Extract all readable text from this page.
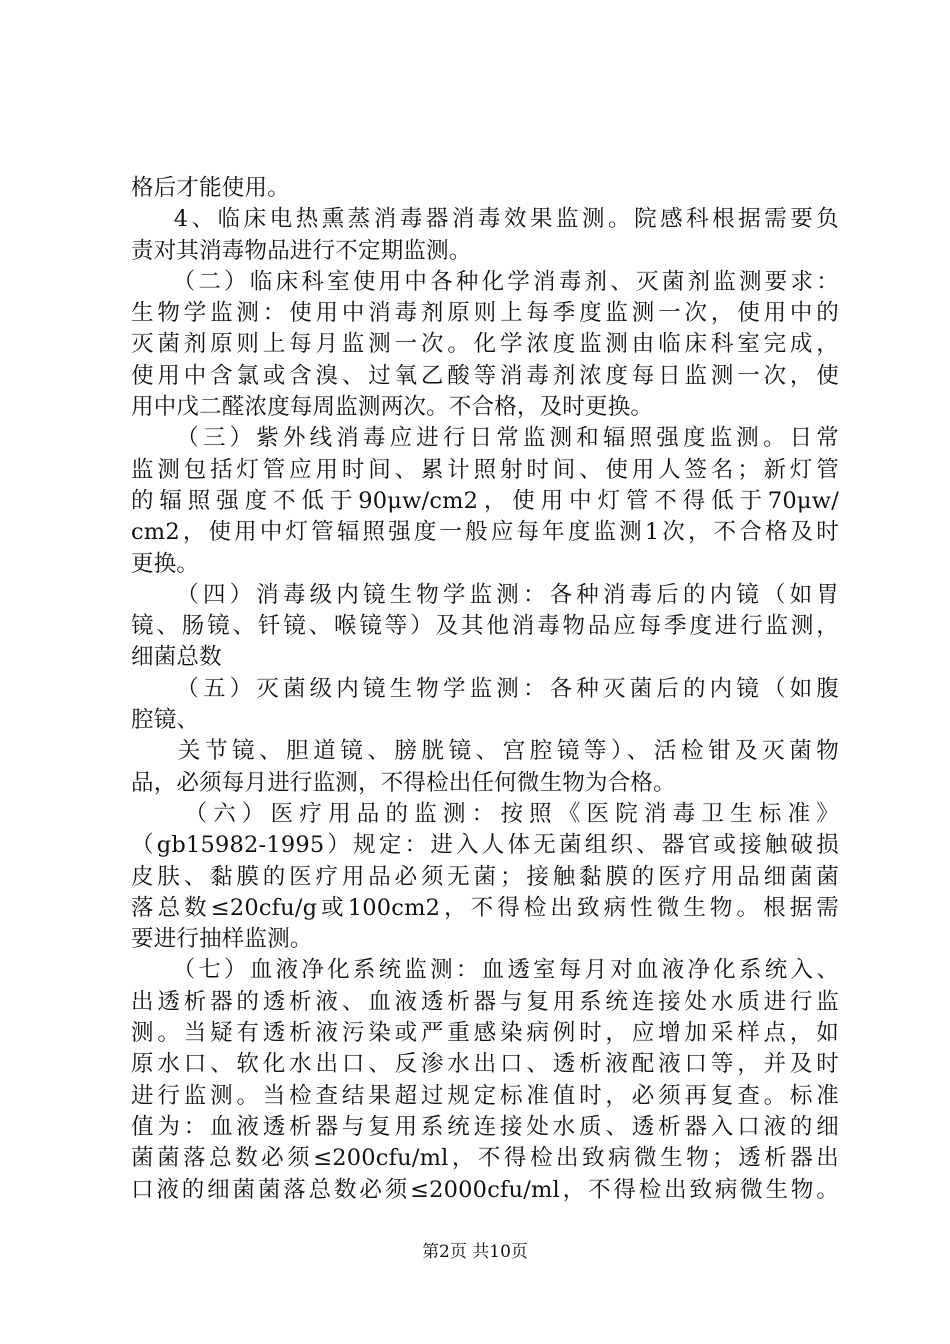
格后才能使用。
4、临床电热熏蒸消毒器消毒效果监测。院感科根据需要负
责对其消毒物品进行不定期监测。
（二）临床科室使用中各种化学消毒剂、灭菌剂监测要求：
生物学监测：使用中消毒剂原则上每季度监测一次，使用中的
灭菌剂原则上每月监测一次。化学浓度监测由临床科室完成，
使用中含氯或含溴、过氧乙酸等消毒剂浓度每日监测一次，使
用中戊二醛浓度每周监测两次。不合格，及时更换。
（三）紫外线消毒应进行日常监测和辐照强度监测。日常
监测包括灯管应用时间、累计照射时间、使用人签名；新灯管
的辐照强度不低于90μw/cm2，使用中灯管不得低于70μw/
cm2，使用中灯管辐照强度一般应每年度监测1次，不合格及时
更换。
（四）消毒级内镜生物学监测：各种消毒后的内镜（如胃
镜、肠镜、钎镜、喉镜等）及其他消毒物品应每季度进行监测，
细菌总数
（五）灭菌级内镜生物学监测：各种灭菌后的内镜（如腹
腔镜、
关节镜、胆道镜、膀胱镜、宫腔镜等）、活检钳及灭菌物
品，必须每月进行监测，不得检出任何微生物为合格。
（六）医疗用品的监测：按照《医院消毒卫生标准》
（gb15982-1995）规定：进入人体无菌组织、器官或接触破损
皮肤、黏膜的医疗用品必须无菌；接触黏膜的医疗用品细菌菌
落总数≤20cfu/g或100cm2，不得检出致病性微生物。根据需
要进行抽样监测。
（七）血液净化系统监测：血透室每月对血液净化系统入、
出透析器的透析液、血液透析器与复用系统连接处水质进行监
测。当疑有透析液污染或严重感染病例时，应增加采样点，如
原水口、软化水出口、反渗水出口、透析液配液口等，并及时
进行监测。当检查结果超过规定标准值时，必须再复查。标准
值为：血液透析器与复用系统连接处水质、透析器入口液的细
菌菌落总数必须≤200cfu/ml，不得检出致病微生物；透析器出
口液的细菌菌落总数必须≤2000cfu/ml，不得检出致病微生物。
第2页 共10页
